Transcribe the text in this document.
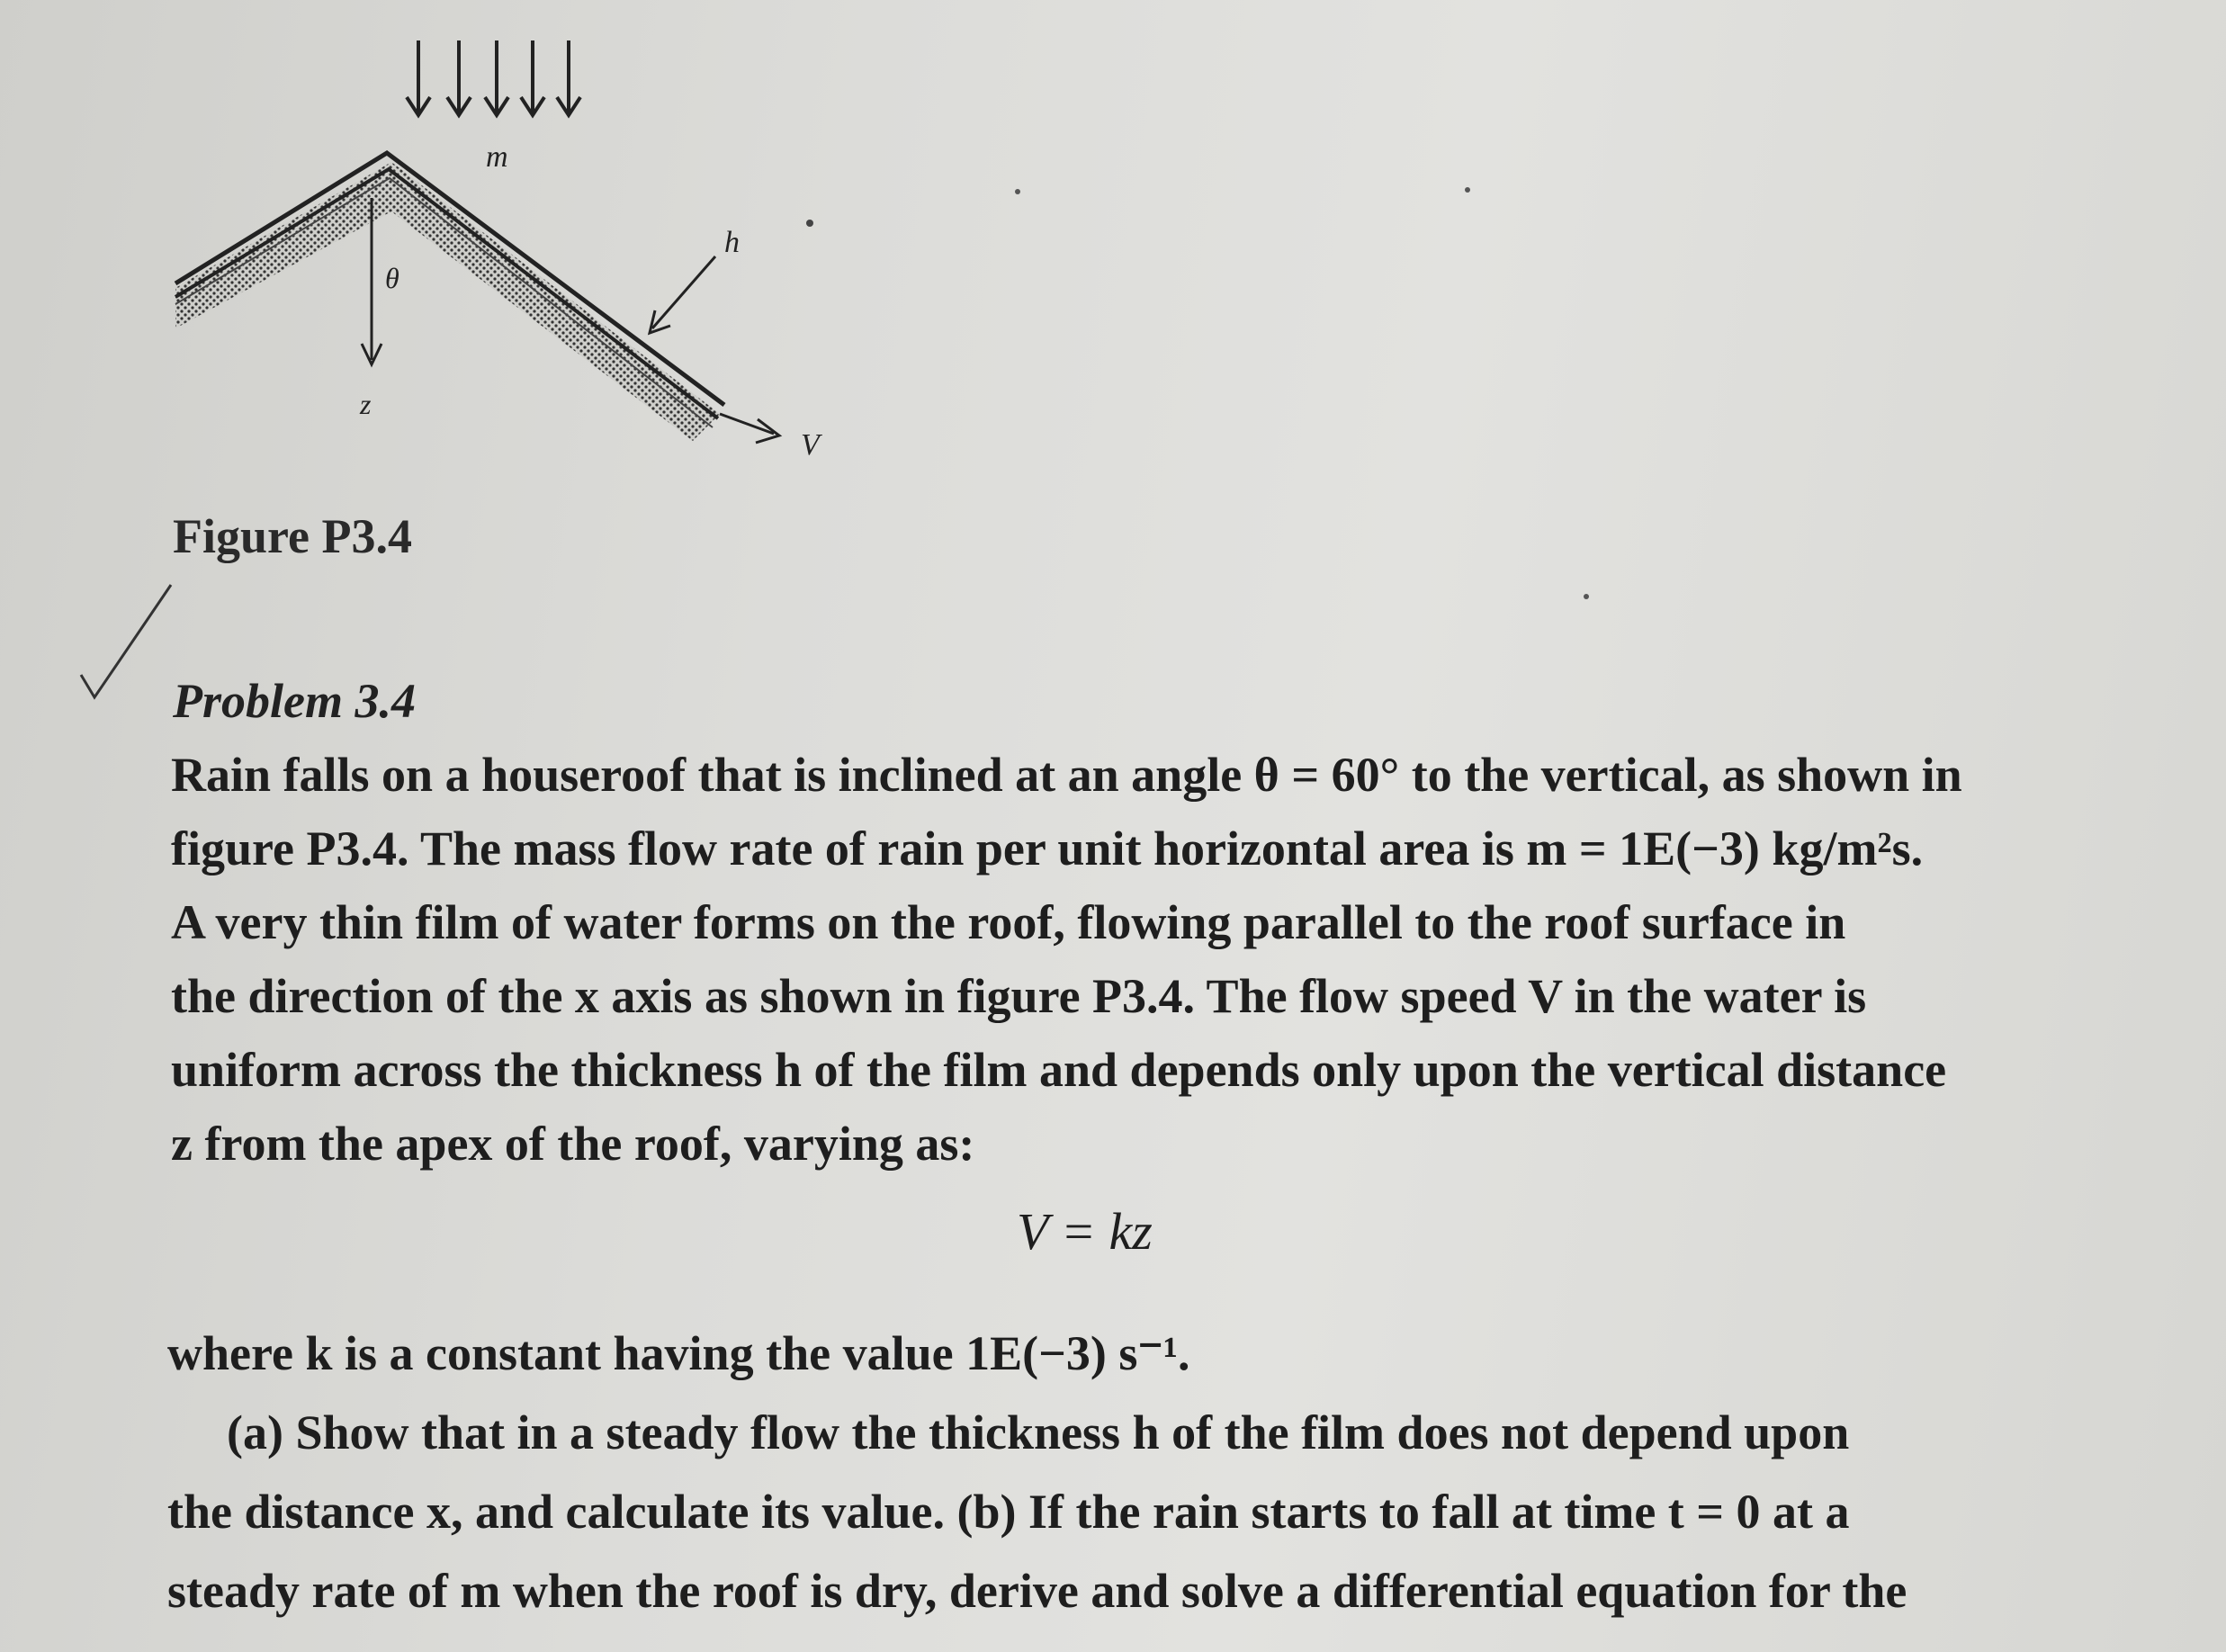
m
θ
z
h
V
Figure P3.4
Problem 3.4
Rain falls on a houseroof that is inclined at an angle θ = 60° to the vertical, as shown in
figure P3.4. The mass flow rate of rain per unit horizontal area is m = 1E(−3) kg/m²s.
A very thin film of water forms on the roof, flowing parallel to the roof surface in
the direction of the x axis as shown in figure P3.4. The flow speed V in the water is
uniform across the thickness h of the film and depends only upon the vertical distance
z from the apex of the roof, varying as:
V = kz
where k is a constant having the value 1E(−3) s⁻¹.
(a) Show that in a steady flow the thickness h of the film does not depend upon
the distance x, and calculate its value. (b) If the rain starts to fall at time t = 0 at a
steady rate of m when the roof is dry, derive and solve a differential equation for the
